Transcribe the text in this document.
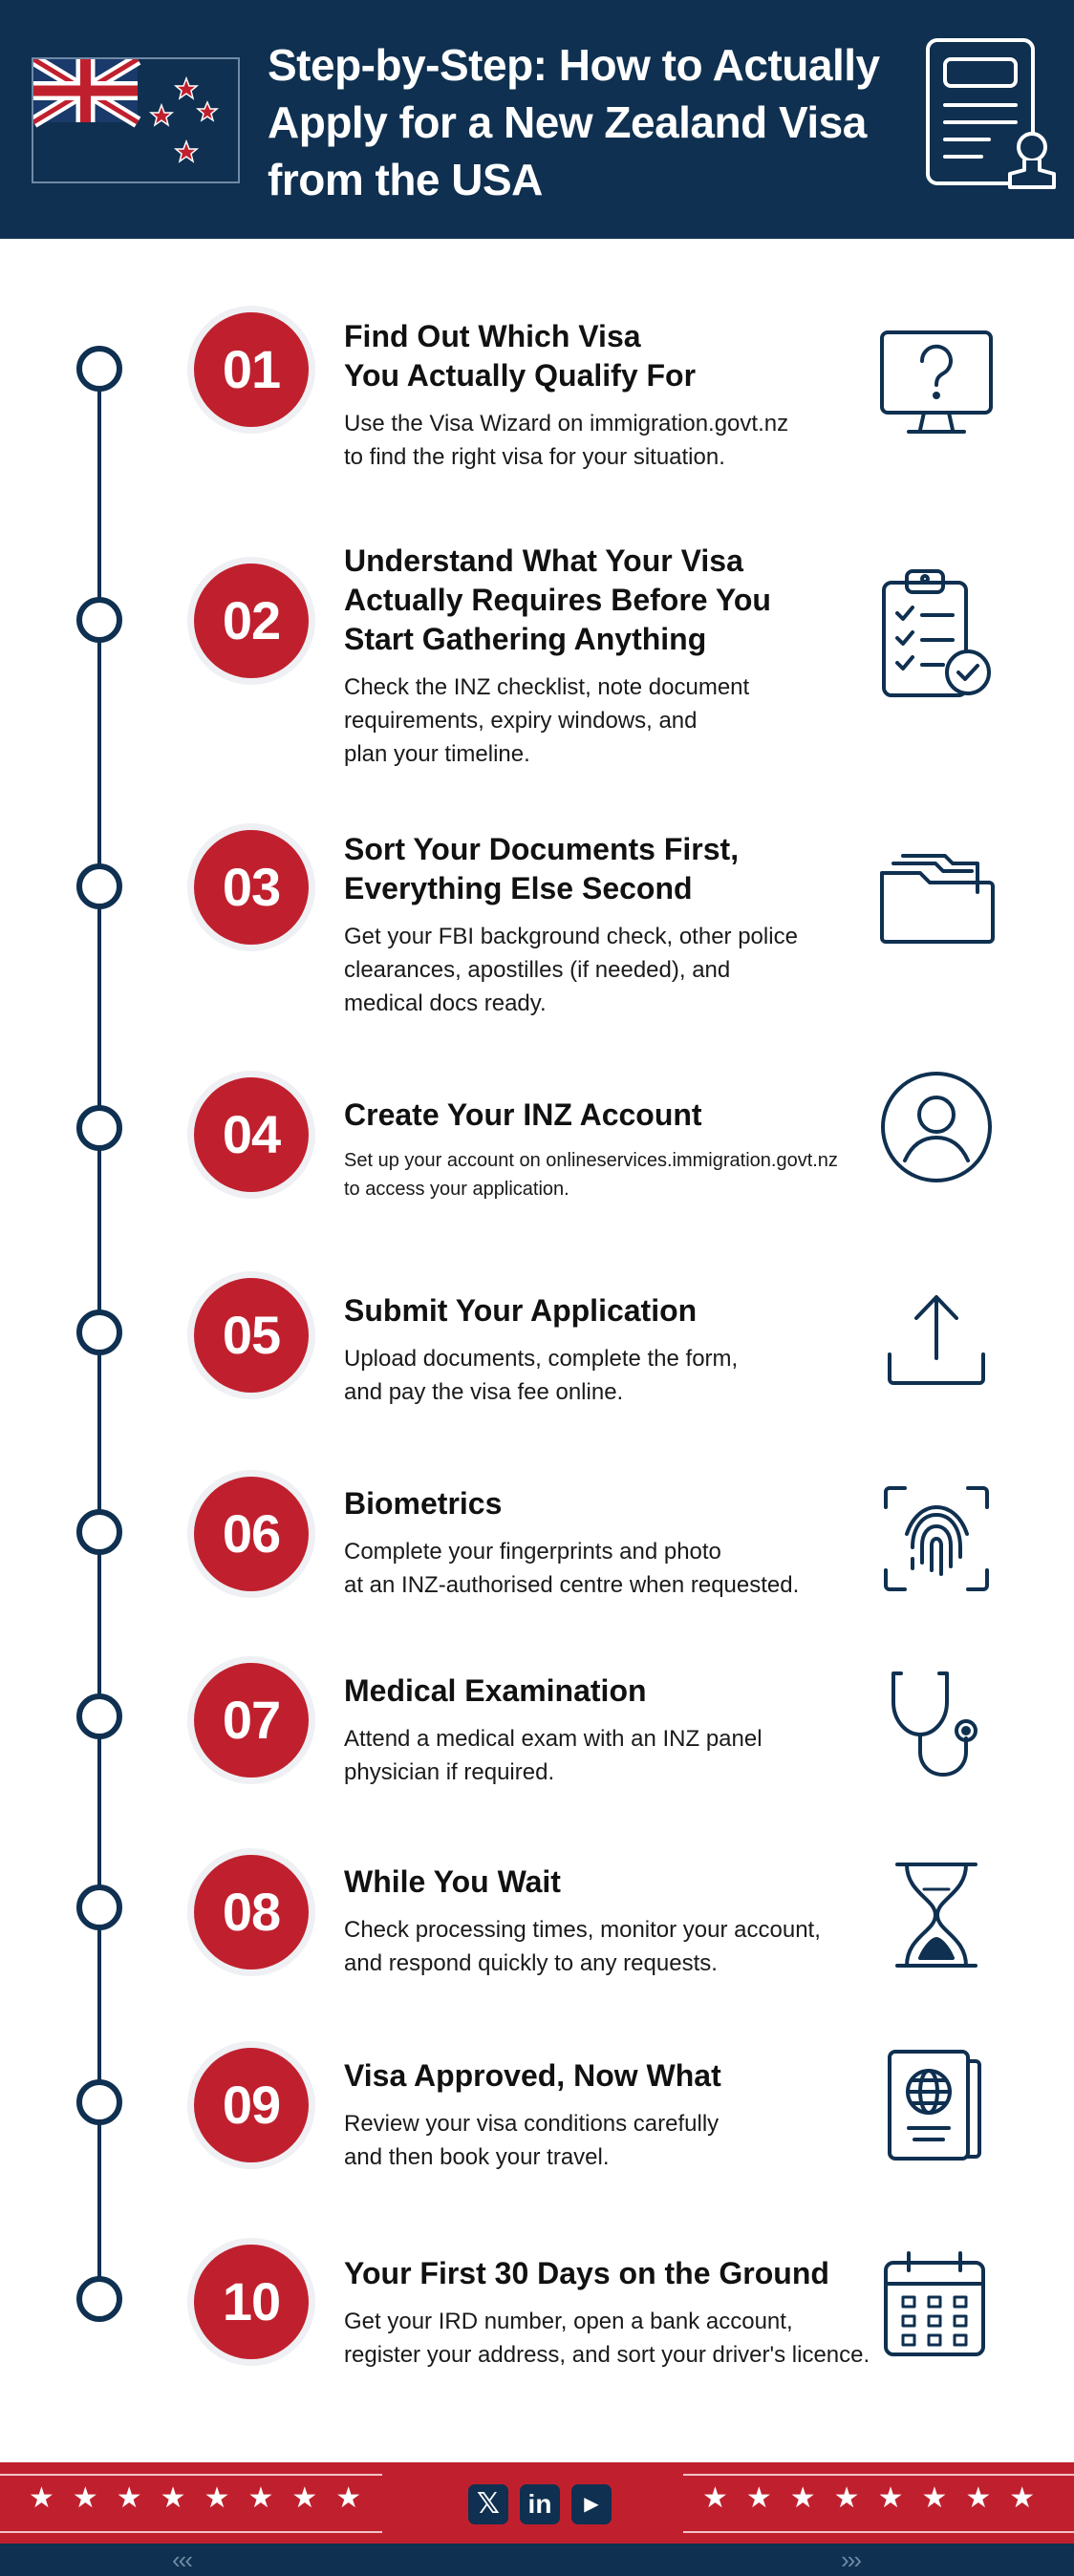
Step-by-Step: How to Actually
Apply for a New Zealand Visa
from the USA
01
Find Out Which Visa
You Actually Qualify For
Use the Visa Wizard on immigration.govt.nz
to find the right visa for your situation.
02
Understand What Your Visa
Actually Requires Before You
Start Gathering Anything
Check the INZ checklist, note document
requirements, expiry windows, and
plan your timeline.
03
Sort Your Documents First,
Everything Else Second
Get your FBI background check, other police
clearances, apostilles (if needed), and
medical docs ready.
04	Create Your INZ Account
Set up your account on onlineservices.immigration.govt.nz
to access your application.
05	Submit Your Application
Upload documents, complete the form,
and pay the visa fee online.
06	Biometrics
Complete your fingerprints and photo
at an INZ-authorised centre when requested.
07	Medical Examination
Attend a medical exam with an INZ panel
physician if required.
08	While You Wait
Check processing times, monitor your account,
and respond quickly to any requests.
09	Visa Approved, Now What
Review your visa conditions carefully
and then book your travel.
10	Your First 30 Days on the Ground
Get your IRD number, open a bank account,
register your address, and sort your driver's licence.
★★★★★★★★	★★★★★★★★
𝕏	in	▶
‹‹‹	›››
